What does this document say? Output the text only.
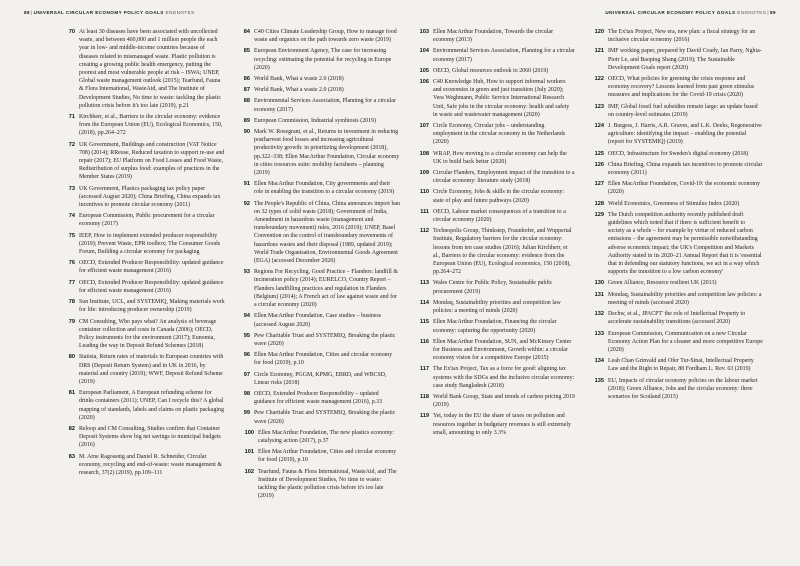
88|UNIVERSAL CIRCULAR ECONOMY POLICY GOALS ENDNOTES	UNIVERSAL CIRCULAR ECONOMY POLICY GOALS ENDNOTES|89
70 At least 30 diseases have been associated with uncollected waste, and between 400,000 and 1 million people die each year in low- and middle-income countries because of diseases related to mismanaged waste. Plastic pollution is creating a growing public health emergency, putting the poorest and most vulnerable people at risk – ISWA; UNEP, Global waste management outlook (2015); Tearfund, Fauna & Flora International, WasteAid, and The Institute of Development Studies, No time to waste: tackling the plastic pollution crisis before it's too late (2019), p.21
71 Kirchherr, et al., Barriers to the circular economy: evidence from the European Union (EU), Ecological Economics, 150, (2018), pp.264–272
72 UK Government, Buildings and construction (VAT Notice 708) (2014); RReuse, Reduced taxation to support re-use and repair (2017); EU Platform on Food Losses and Food Waste, Redistribution of surplus food: examples of practices in the Member States (2019)
73 UK Government, Plastics packaging tax policy paper (accessed August 2020); China Briefing, China expands tax incentives to promote circular economy (2011)
74 European Commission, Public procurement for a circular economy (2017)
75 IEEP, How to implement extended producer responsibility (2019); Prevent Waste, EPR toolbox; The Consumer Goods Forum, Building a circular economy for packaging
76 OECD, Extended Producer Responsibility: updated guidance for efficient waste management (2016)
77 OECD, Extended Producer Responsibility: updated guidance for efficient waste management (2016)
78 Sun Institute, UCL, and SYSTEMIQ, Making materials work for life: introducing producer ownership (2019)
79 CM Consulting, Who pays what? An analysis of beverage container collection and costs in Canada (2006); OECD, Policy instruments for the environment (2017); Eunomia, Leading the way in Deposit Refund Schemes (2018)
80 Statista, Return rates of materials in European countries with DRS (Deposit Return System) and in UK in 2016, by material and country (2019); WWF, Deposit Refund Scheme (2019)
81 European Parliament, A European refunding scheme for drinks containers (2011); UNEP, Can I recycle this? A global mapping of standards, labels and claims on plastic packaging (2020)
82 Reloop and CM Consulting, Studies confirm that Container Deposit Systems show big net savings to municipal budgets (2016)
83 M. Arne Ragossnig and Daniel R. Schneider, Circular economy, recycling and end-of-waste: waste management & research, 37(2) (2019), pp.109–111
84 C40 Cities Climate Leadership Group, How to manage food waste and organics on the path towards zero waste (2019)
85 European Environment Agency, The case for increasing recycling: estimating the potential for recycling in Europe (2020)
86 World Bank, What a waste 2.0 (2018)
87 World Bank, What a waste 2.0 (2018)
88 Environmental Services Association, Planning for a circular economy (2017)
89 European Commission, Industrial symbiosis (2019)
90 Mark W. Rosegrant, et al., Returns to investment in reducing postharvest food losses and increasing agricultural productivity growth: in prioritizing development (2018), pp.322–338; Ellen MacArthur Foundation, Circular economy in cities resources suite: mobility factsheets – planning (2019)
91 Ellen MacArthur Foundation, City governments and their role in enabling the transition to a circular economy (2019)
92 The People's Republic of China, China announces import ban on 32 types of solid waste (2018); Government of India, Amendment in hazardous waste (management and transboundary movement) rules, 2016 (2019); UNEP, Basel Convention on the control of transboundary movements of hazardous wastes and their disposal (1989, updated 2019); World Trade Organisation, Environmental Goods Agreement (EGA) (accessed December 2020)
93 Regions For Recycling, Good Practice – Flanders: landfill & incineration policy (2014); EURELCO, Country Report – Flanders landfilling practices and regulation in Flanders (Belgium) (2014); A French act of law against waste and for a circular economy (2020)
94 Ellen MacArthur Foundation, Case studies – business (accessed August 2020)
95 Pew Charitable Trust and SYSTEMIQ, Breaking the plastic wave (2020)
96 Ellen MacArthur Foundation, Cities and circular economy for food (2019), p.10
97 Circle Economy, PGGM, KPMG, EBRD, and WBCSD, Linear risks (2018)
98 OECD, Extended Producer Responsibility – updated guidance for efficient waste management (2016), p.33
99 Pew Charitable Trust and SYSTEMIQ, Breaking the plastic wave (2020)
100 Ellen MacArthur Foundation, The new plastics economy: catalysing action (2017), p.37
101 Ellen MacArthur Foundation, Cities and circular economy for food (2019), p.10
102 Tearfund, Fauna & Flora International, WasteAid, and The Institute of Development Studies, No time to waste: tackling the plastic pollution crisis before it's too late (2019)
103 Ellen MacArthur Foundation, Towards the circular economy (2013)
104 Environmental Services Association, Planning for a circular economy (2017)
105 OECD, Global resources outlook to 2060 (2019)
106 C40 Knowledge Hub, How to support informal workers and economies in green and just transition (July 2020); Vera Weghmann, Public Service International Research Unit, Safe jobs in the circular economy: health and safety in waste and wastewater management (2020)
107 Circle Economy, Circular jobs – understanding employment in the circular economy in the Netherlands (2020)
108 WRAP, How moving to a circular economy can help the UK to build back better (2020)
109 Circular Flanders, Employment impact of the transition to a circular economy: literature study (2018)
110 Circle Economy, Jobs & skills in the circular economy: state of play and future pathways (2020)
111 OECD, Labour market consequences of a transition to a circular economy (2020)
112 Technopolis Group, Thinkstep, Fraunhofer, and Wuppertal Institute, Regulatory barriers for the circular economy: lessons from ten case studies (2016); Julian Kirchherr, et al., Barriers to the circular economy: evidence from the European Union (EU), Ecological economics, 150 (2018), pp.264–272
113 Wales Centre for Public Policy, Sustainable public procurement (2019)
114 Mondaq, Sustainability priorities and competition law policies: a meeting of minds (2020)
115 Ellen MacArthur Foundation, Financing the circular economy: capturing the opportunity (2020)
116 Ellen MacArthur Foundation, SUN, and McKinsey Center for Business and Environment, Growth within: a circular economy vision for a competitive Europe (2015)
117 The Ex'tax Project, Tax as a force for good: aligning tax systems with the SDGs and the inclusive circular economy: case study Bangladesh (2018)
118 World Bank Group, State and trends of carbon pricing 2019 (2019)
119 Yet, today in the EU the share of taxes on pollution and resources together in budgetary revenues is still extremely small, amounting to only 3.3%
120 The Ex'tax Project, New era, new plan: a fiscal strategy for an inclusive circular economy (2016)
121 IMF working paper, prepared by David Coady, Ian Parry, Nghia-Piotr Le, and Baoping Shang (2019); The Sustainable Development Goals report (2020)
122 OECD, What policies for greening the crisis response and economy recovery? Lessons learned from past green stimulus measures and implications for the Covid-19 crisis (2020)
123 IMF, Global fossil fuel subsidies remain large: an update based on country-level estimates (2019)
124 J. Burgess, J. Harris, A.R. Graves, and L.K. Deeks, Regenerative agriculture: identifying the impact – enabling the potential (report for SYSTEMIQ) (2019)
125 OECD, Infrastructure for Sweden's digital economy (2018)
126 China Briefing, China expands tax incentives to promote circular economy (2011)
127 Ellen MacArthur Foundation, Covid-19: the economic economy (2020)
128 World Economics, Greenness of Stimulus Index (2020)
129 The Dutch competition authority recently published draft guidelines which noted that if there is sufficient benefit to society as a whole – for example by virtue of reduced carbon emissions – the agreement may be permissible notwithstanding adverse economic impact; the UK's Competition and Markets Authority stated in its 2020–21 Annual Report that it is 'essential that in defending our statutory functions, we act in a way which supports the transition to a low carbon economy'
130 Green Alliance, Resource resilient UK (2013)
131 Mondaq, Sustainability priorities and competition law policies: a meeting of minds (accessed 2020)
132 Dechw, et al., JPACPT' the role of Intellectual Property to accelerate sustainability transitions (accessed 2020)
133 European Commission, Communication on a new Circular Economy Action Plan for a cleaner and more competitive Europe (2020)
134 Leah Chan Grinvald and Ofer Tur-Sinai, Intellectual Property Law and the Right to Repair, 88 Fordham L. Rev. 63 (2019)
135 EU, Impacts of circular economy policies on the labour market (2018); Green Alliance, Jobs and the circular economy: three scenarios for Scotland (2015)
